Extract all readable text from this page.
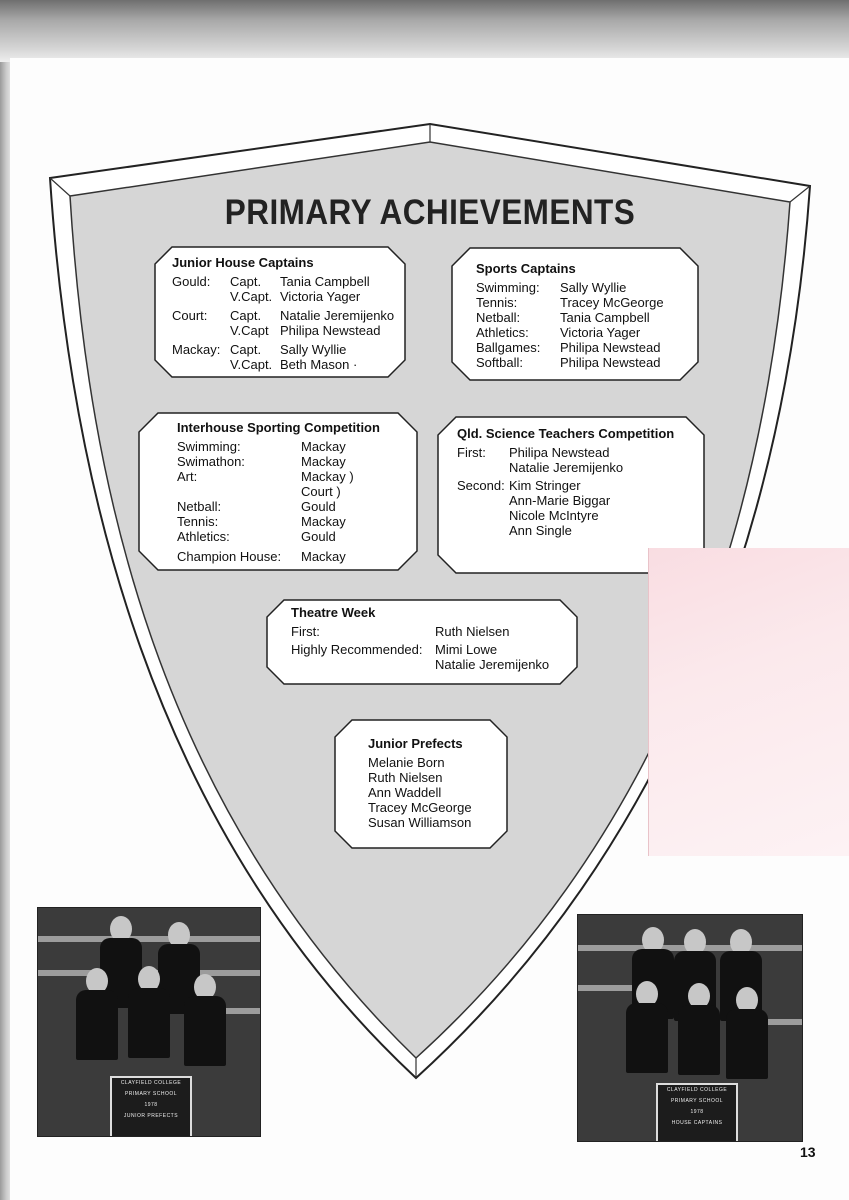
PRIMARY ACHIEVEMENTS
Junior House Captains
Gould:	Capt.	Tania Campbell
V.Capt. Victoria Yager
Court:	Capt.	Natalie Jeremijenko
V.Capt Philipa Newstead
Mackay: Capt.	Sally Wyllie
V.Capt. Beth Mason ·
Sports Captains
Swimming:	Sally Wyllie
Tennis:	Tracey McGeorge
Netball:	Tania Campbell
Athletics:	Victoria Yager
Ballgames:	Philipa Newstead
Softball:	Philipa Newstead
Interhouse Sporting Competition
Swimming:	Mackay
Swimathon:	Mackay
Art:	Mackay )
Court )
Netball:	Gould
Tennis:	Mackay
Athletics:	Gould
Champion House:	Mackay
Qld. Science Teachers Competition
First:	Philipa Newstead
Natalie Jeremijenko
Second: Kim Stringer
Ann-Marie Biggar
Nicole McIntyre
Ann Single
Theatre Week
First:	Ruth Nielsen
Highly Recommended: Mimi Lowe
Natalie Jeremijenko
Junior Prefects
Melanie Born
Ruth Nielsen
Ann Waddell
Tracey McGeorge
Susan Williamson
CLAYFIELD COLLEGE
PRIMARY SCHOOL
1978
JUNIOR PREFECTS
CLAYFIELD COLLEGE
PRIMARY SCHOOL
1978
HOUSE CAPTAINS
13
